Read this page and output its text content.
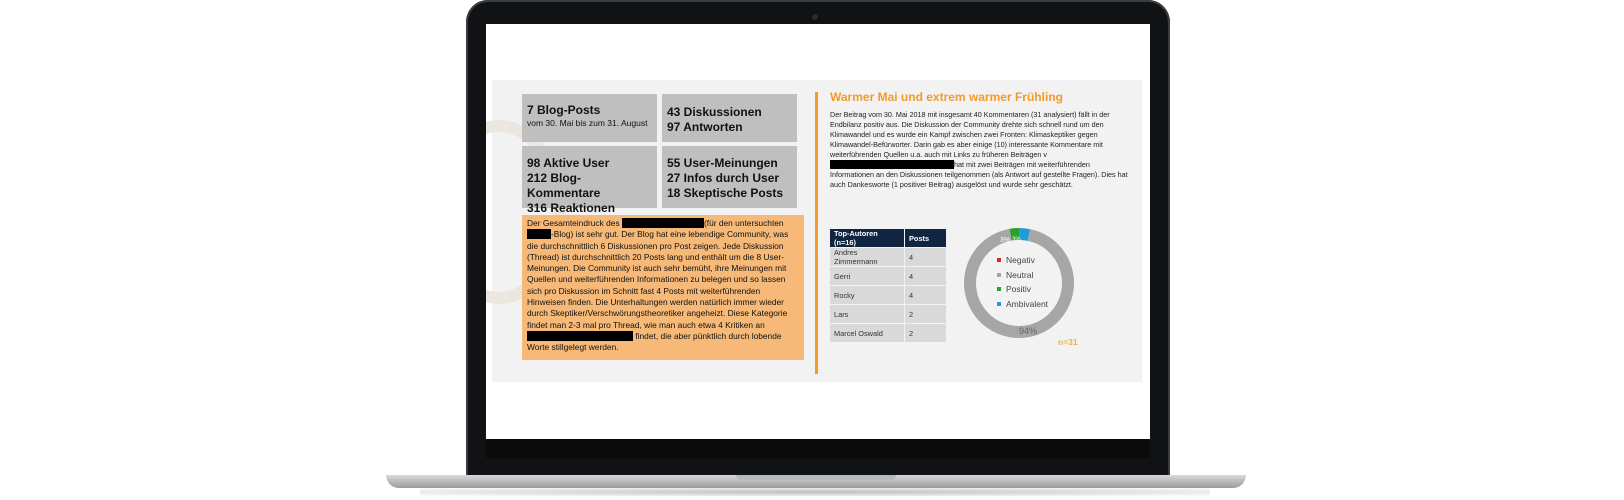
7 Blog-Posts
vom 30. Mai bis zum 31. August
43 Diskussionen
97 Antworten
98 Aktive User
212 Blog-Kommentare
316 Reaktionen
55 User-Meinungen
27 Infos durch User
18 Skeptische Posts
Der Gesamteindruck des	(für den untersuchten -Blog) ist sehr gut. Der Blog hat eine lebendige Community, was die durchschnittlich 6 Diskussionen pro Post zeigen. Jede Diskussion (Thread) ist durchschnittlich 20 Posts lang und enthält um die 8 User-Meinungen. Die Community ist auch sehr bemüht, ihre Meinungen mit Quellen und weiterführenden Informationen zu belegen und so lassen sich pro Diskussion im Schnitt fast 4 Posts mit weiterführenden Hinweisen finden. Die Unterhaltungen werden natürlich immer wieder durch Skeptiker/Verschwörungstheoretiker angeheizt. Diese Kategorie findet man 2-3 mal pro Thread, wie man auch etwa 4 Kritiken an  findet, die aber pünktlich durch lobende Worte stillgelegt werden.
Warmer Mai und extrem warmer Frühling
Der Beitrag vom 30. Mai 2018 mit insgesamt 40 Kommentaren (31 analysiert) fällt in der Endbilanz positiv aus. Die Diskussion der Community drehte sich schnell rund um den Klimawandel und es wurde ein Kampf zwischen zwei Fronten: Klimaskeptiker gegen Klimawandel-Befürworter. Darin gab es aber einige (10) interessante Kommentare mit weiterführenden Quellen u.a. auch mit Links zu früheren Beiträgen vhat mit zwei Beiträgen mit weiterführenden Informationen an den Diskussionen teilgenommen (als Antwort auf gestellte Fragen). Dies hat auch Dankesworte (1 positiver Beitrag) ausgelöst und wurde sehr geschätzt.
Top-Autoren (n=16)	Posts
Andres Zimmermann	4
Gerri	4
Rocky	4
Lars	2
Marcel Oswald	2
3% 3%
94%
Negativ
Neutral
Positiv
Ambivalent
n=31
